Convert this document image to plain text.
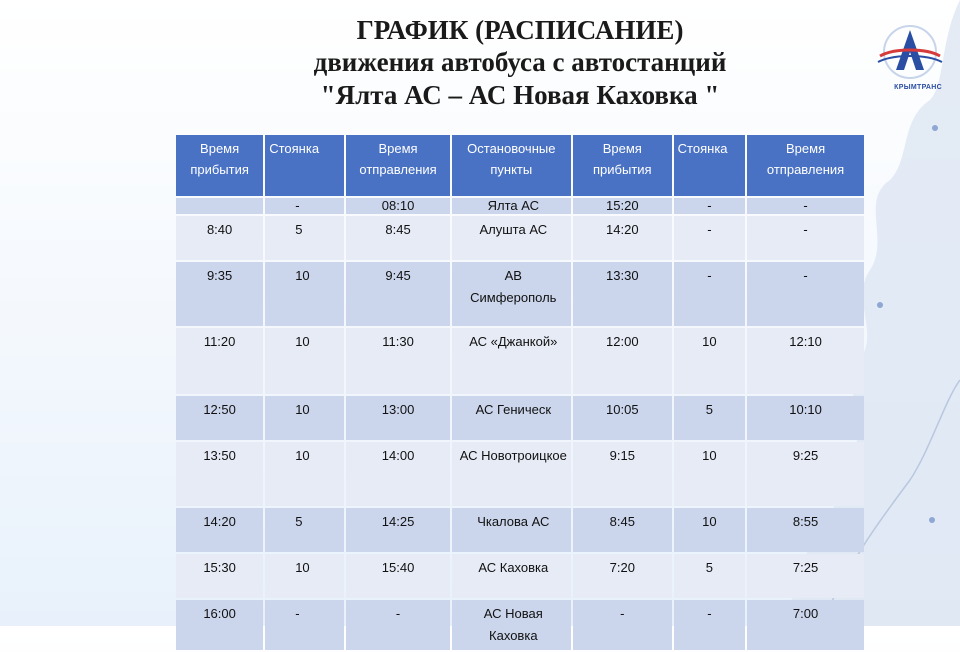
ГРАФИК (РАСПИСАНИЕ)
движения автобуса с автостанций
"Ялта АС – АС Новая Каховка "	КРЫМТРАНС
Время прибытия	Стоянка	Время отправления	Остановочные пункты	Время прибытия	Стоянка	Время отправления
	-	08:10	Ялта АС	15:20	-	-
8:40	5	8:45	Алушта АС	14:20	-	-
9:35	10	9:45	АВ Симферополь	13:30	-	-
11:20	10	11:30	АС «Джанкой»	12:00	10	12:10
12:50	10	13:00	АС Геническ	10:05	5	10:10
13:50	10	14:00	АС Новотроицкое	9:15	10	9:25
14:20	5	14:25	Чкалова АС	8:45	10	8:55
15:30	10	15:40	АС Каховка	7:20	5	7:25
16:00	-	-	АС Новая Каховка	-	-	7:00
